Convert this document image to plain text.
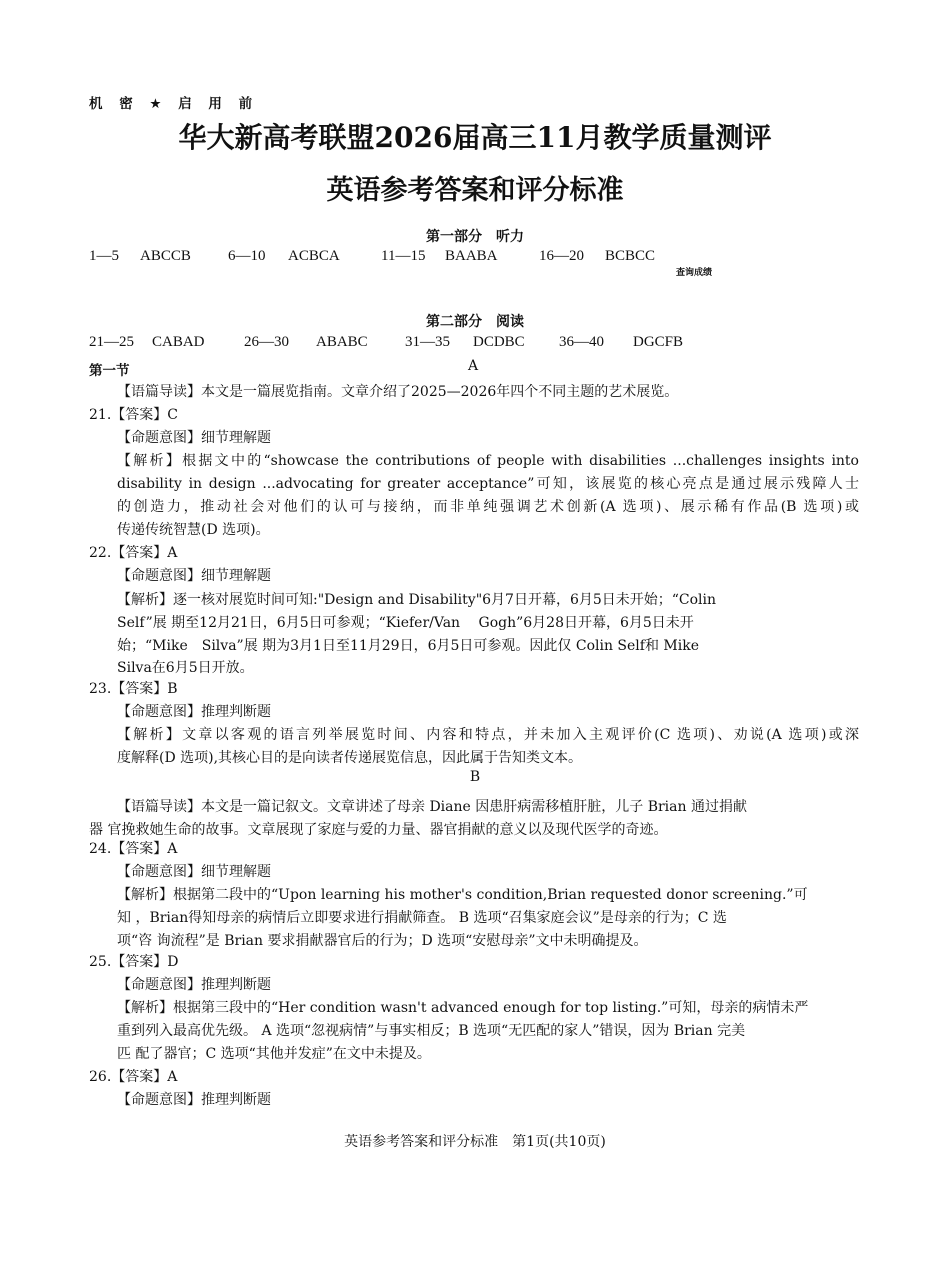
机 密 ★ 启 用 前
华大新高考联盟2026届高三11月教学质量测评
英语参考答案和评分标准
第一部分　听力
1—5 ABCCB 6—10 ACBCA	11—15 BAABA	16—20 BCBCC
查询成绩
第二部分　阅读
21—25 CABAD	26—30 ABABC 31—35 DCDBC 36—40 DGCFB
第一节	A
【语篇导读】本文是一篇展览指南。文章介绍了2025—2026年四个不同主题的艺术展览。
21.【答案】C
【命题意图】细节理解题
【解析】根据文中的“showcase the contributions of people with disabilities ...challenges insights into
disability in design ...advocating for greater acceptance”可知，该展览的核心亮点是通过展示残障人士
的创造力，推动社会对他们的认可与接纳，而非单纯强调艺术创新(A 选项)、展示稀有作品(B 选项)或
传递传统智慧(D 选项)。
22.【答案】A
【命题意图】细节理解题
【解析】逐一核对展览时间可知:"Design and Disability"6月7日开幕，6月5日未开始；“Colin
Self”展 期至12月21日，6月5日可参观；“Kiefer/Van　 Gogh”6月28日开幕，6月5日未开
始；“Mike　Silva”展 期为3月1日至11月29日，6月5日可参观。因此仅 Colin Self和 Mike
Silva在6月5日开放。
23.【答案】B
【命题意图】推理判断题
【解析】文章以客观的语言列举展览时间、内容和特点，并未加入主观评价(C 选项)、劝说(A 选项)或深
度解释(D 选项),其核心目的是向读者传递展览信息，因此属于告知类文本。
B
【语篇导读】本文是一篇记叙文。文章讲述了母亲 Diane 因患肝病需移植肝脏，儿子 Brian 通过捐献
器 官挽救她生命的故事。文章展现了家庭与爱的力量、器官捐献的意义以及现代医学的奇迹。
24.【答案】A
【命题意图】细节理解题
【解析】根据第二段中的“Upon learning his mother's condition,Brian requested donor screening.”可
知 ，Brian得知母亲的病情后立即要求进行捐献筛查。 B 选项“召集家庭会议”是母亲的行为；C 选
项“咨 询流程”是 Brian 要求捐献器官后的行为；D 选项“安慰母亲”文中未明确提及。
25.【答案】D
【命题意图】推理判断题
【解析】根据第三段中的“Her condition wasn't advanced enough for top listing.”可知，母亲的病情未严
重到列入最高优先级。 A 选项“忽视病情”与事实相反；B 选项“无匹配的家人”错误，因为 Brian 完美
匹 配了器官；C 选项“其他并发症”在文中未提及。
26.【答案】A
【命题意图】推理判断题
英语参考答案和评分标准　第1页(共10页)
